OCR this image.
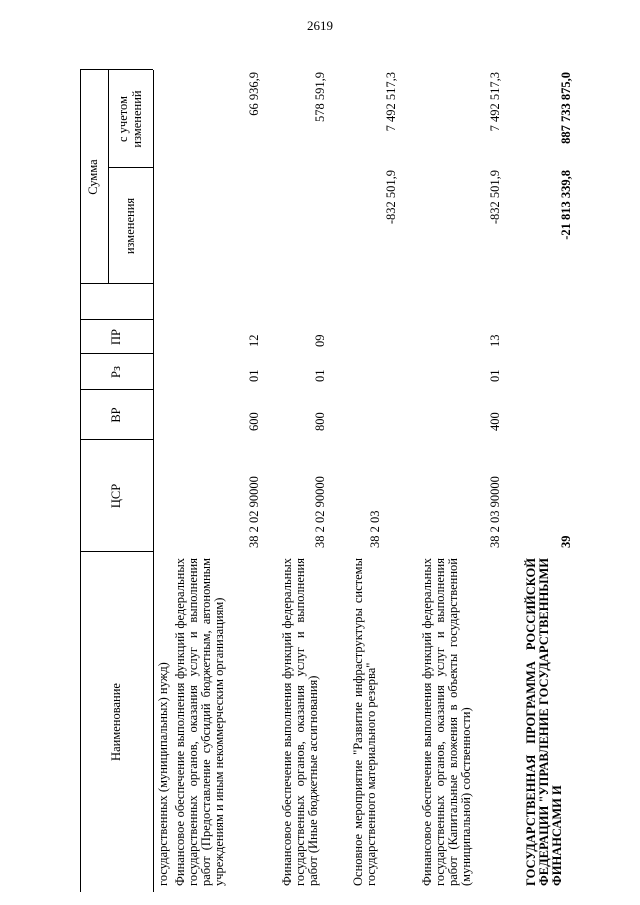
2619
Наименование
ЦСР
ВР
Рз
ПР
Сумма
изменения
с учетом изменений
государственных (муниципальных) нужд) Финансовое обеспечение выполнения функций федеральных государственных органов, оказания услуг и выполнения работ (Предоставление субсидий бюджетным, автономным учреждениям и иным некоммерческим организациям)
38 2 02 90000
600
01
12
66 936,9
Финансовое обеспечение выполнения функций федеральных государственных органов, оказания услуг и выполнения работ (Иные бюджетные ассигнования)
38 2 02 90000
800
01
09
578 591,9
Основное мероприятие "Развитие инфраструктуры системы государственного материального резерва"
38 2 03
-832 501,9
7 492 517,3
Финансовое обеспечение выполнения функций федеральных государственных органов, оказания услуг и выполнения работ (Капитальные вложения в объекты государственной (муниципальной) собственности)
38 2 03 90000
400
01
13
-832 501,9
7 492 517,3
ГОСУДАРСТВЕННАЯ ПРОГРАММА РОССИЙСКОЙ ФЕДЕРАЦИИ "УПРАВЛЕНИЕ ГОСУДАРСТВЕННЫМИ ФИНАНСАМИ И
39
-21 813 339,8
887 733 875,0
